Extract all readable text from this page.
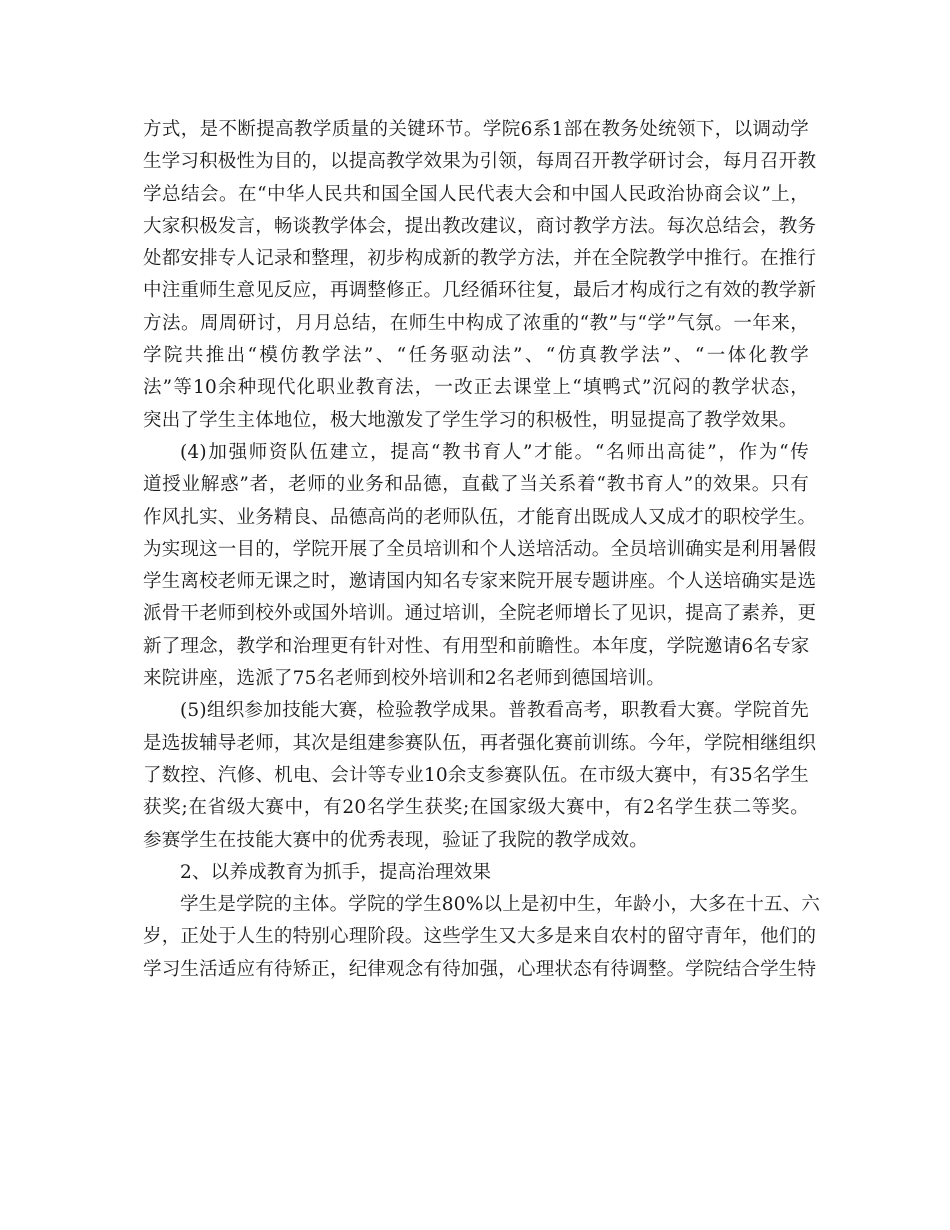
方式，是不断提高教学质量的关键环节。学院6系1部在教务处统领下，以调动学
生学习积极性为目的，以提高教学效果为引领，每周召开教学研讨会，每月召开教
学总结会。在“中华人民共和国全国人民代表大会和中国人民政治协商会议”上，
大家积极发言，畅谈教学体会，提出教改建议，商讨教学方法。每次总结会，教务
处都安排专人记录和整理，初步构成新的教学方法，并在全院教学中推行。在推行
中注重师生意见反应，再调整修正。几经循环往复，最后才构成行之有效的教学新
方法。周周研讨，月月总结，在师生中构成了浓重的“教”与“学”气氛。一年来，
学院共推出“模仿教学法”、“任务驱动法”、“仿真教学法”、“一体化教学
法”等10余种现代化职业教育法，一改正去课堂上“填鸭式”沉闷的教学状态，
突出了学生主体地位，极大地激发了学生学习的积极性，明显提高了教学效果。
(4)加强师资队伍建立，提高“教书育人”才能。“名师出高徒”，作为“传
道授业解惑”者，老师的业务和品德，直截了当关系着“教书育人”的效果。只有
作风扎实、业务精良、品德高尚的老师队伍，才能育出既成人又成才的职校学生。
为实现这一目的，学院开展了全员培训和个人送培活动。全员培训确实是利用暑假
学生离校老师无课之时，邀请国内知名专家来院开展专题讲座。个人送培确实是选
派骨干老师到校外或国外培训。通过培训，全院老师增长了见识，提高了素养，更
新了理念，教学和治理更有针对性、有用型和前瞻性。本年度，学院邀请6名专家
来院讲座，选派了75名老师到校外培训和2名老师到德国培训。
(5)组织参加技能大赛，检验教学成果。普教看高考，职教看大赛。学院首先
是选拔辅导老师，其次是组建参赛队伍，再者强化赛前训练。今年，学院相继组织
了数控、汽修、机电、会计等专业10余支参赛队伍。在市级大赛中，有35名学生
获奖;在省级大赛中，有20名学生获奖;在国家级大赛中，有2名学生获二等奖。
参赛学生在技能大赛中的优秀表现，验证了我院的教学成效。
2、以养成教育为抓手，提高治理效果
学生是学院的主体。学院的学生80%以上是初中生，年龄小，大多在十五、六
岁，正处于人生的特别心理阶段。这些学生又大多是来自农村的留守青年，他们的
学习生活适应有待矫正，纪律观念有待加强，心理状态有待调整。学院结合学生特
